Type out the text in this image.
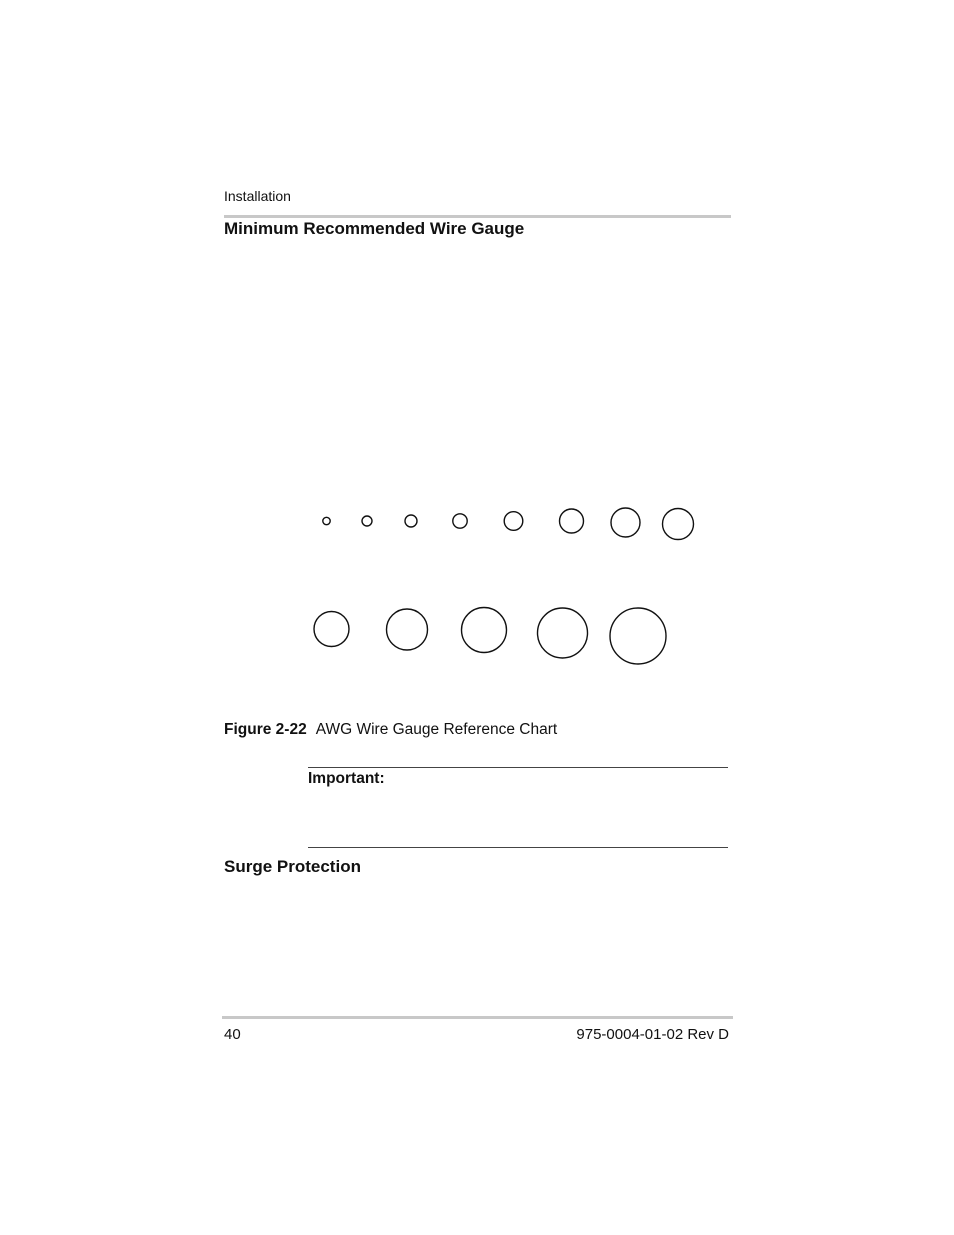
Installation
Minimum Recommended Wire Gauge
Figure 2-22 AWG Wire Gauge Reference Chart
Important:
Surge Protection
40	975-0004-01-02 Rev D
